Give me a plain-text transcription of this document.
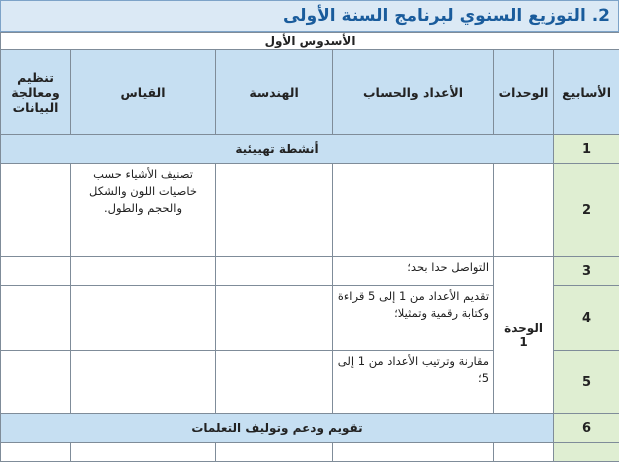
2. التوزيع السنوي لبرنامج السنة الأولى
الأسدوس الأول					
الأسابيع	الوحدات	الأعداد والحساب	الهندسة	القياس	تنظيم ومعالجة البيانات
1	أنشطة تهييئية				
2				تصنيف الأشياء حسب خاصيات اللون والشكل والحجم والطول.	
3	الوحدة 1	التواصل حدا بحد؛			
4		تقديم الأعداد من 1 إلى 5 قراءة وكتابة رقمية وتمثيلا؛			
5		مقارنة وترتيب الأعداد من 1 إلى 5؛			
6	تقويم ودعم وتوليف التعلمات				
